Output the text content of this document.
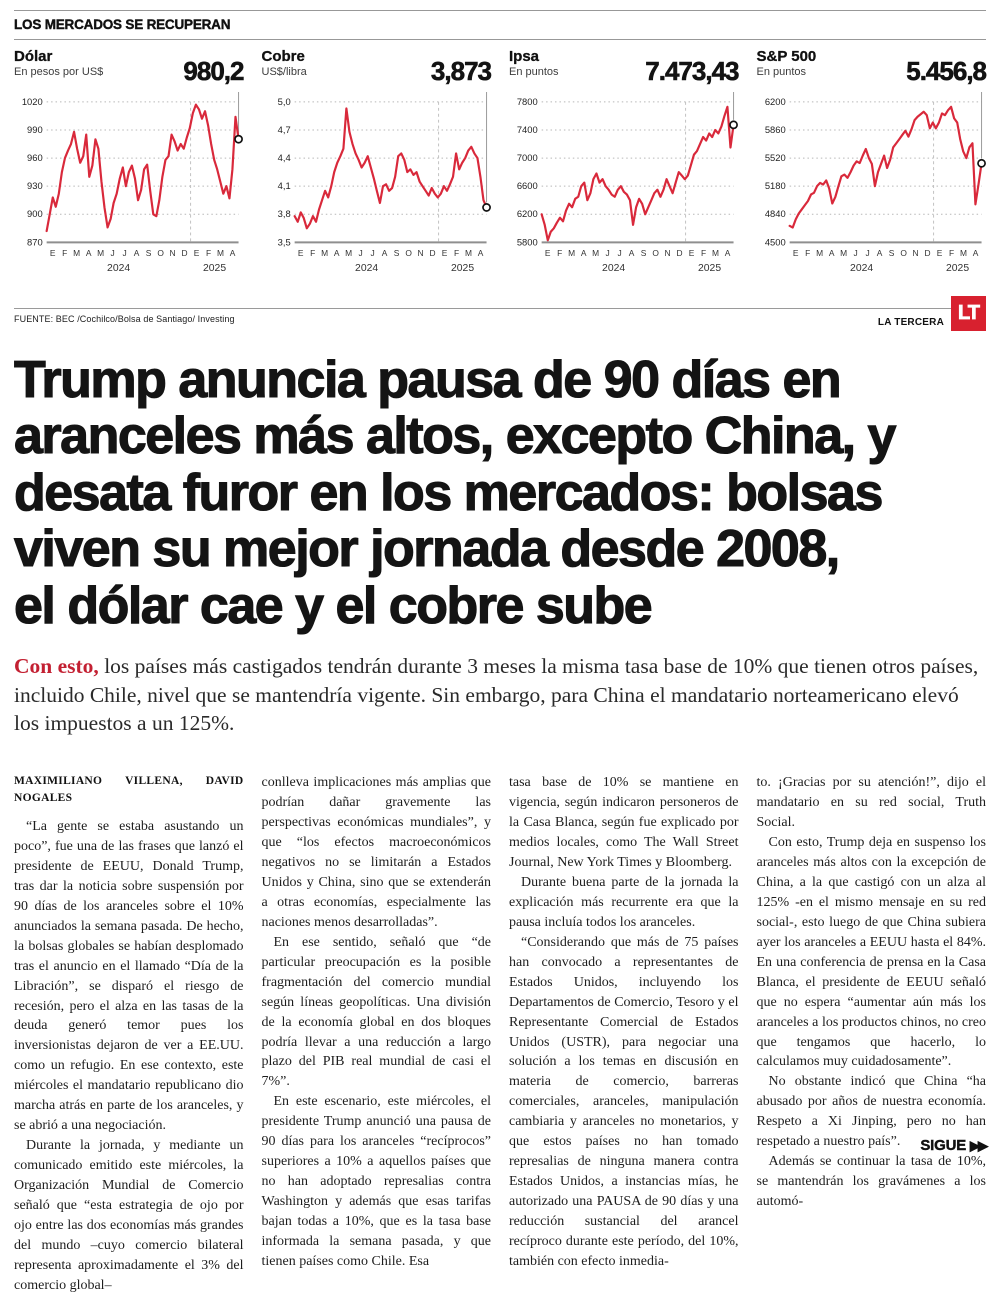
LOS MERCADOS SE RECUPERAN
Dólar
En pesos por US$	980,2
1020
990
960
930
900
870
E F M A M J J A S O N D E F M A
2024	2025
Cobre
US$/libra	3,873
5,0
4,7
4,4
4,1
3,8
3,5
E F M A M J J A S O N D E F M A
2024	2025
Ipsa
En puntos	7.473,43
7800
7400
7000
6600
6200
5800
E F M A M J J A S O N D E F M A
2024	2025
S&P 500
En puntos	5.456,8
6200
5860
5520
5180
4840
4500
E F M A M J J A S O N D E F M A
2024	2025
FUENTE: BEC /Cochilco/Bolsa de Santiago/ Investing	LA TERCERA LT
Trump anuncia pausa de 90 días en
aranceles más altos, excepto China, y
desata furor en los mercados: bolsas
viven su mejor jornada desde 2008,
el dólar cae y el cobre sube

Con esto, los países más castigados tendrán durante 3 meses la misma tasa base de 10% que tienen otros países, incluido Chile, nivel que se mantendría vigente. Sin embargo, para China el mandatario norteamericano elevó los impuestos a un 125%.

MAXIMILIANO VILLENA, DAVID NOGALES

“La gente se estaba asustando un poco”, fue una de las frases que lanzó el presidente de EEUU, Donald Trump, tras dar la noticia sobre suspensión por 90 días de los aranceles sobre el 10% anunciados la semana pasada. De hecho, la bolsas globales se habían desplomado tras el anuncio en el llamado “Día de la Libración”, se disparó el riesgo de recesión, pero el alza en las tasas de la deuda generó temor pues los inversionistas dejaron de ver a EE.UU. como un refugio. En ese contexto, este miércoles el mandatario republicano dio marcha atrás en parte de los aranceles, y se abrió a una negociación.

Durante la jornada, y mediante un comunicado emitido este miércoles, la Organización Mundial de Comercio señaló que “esta estrategia de ojo por ojo entre las dos economías más grandes del mundo –cuyo comercio bilateral representa aproximadamente el 3% del comercio global–

conlleva implicaciones más amplias que podrían dañar gravemente las perspectivas económicas mundiales”, y que “los efectos macroeconómicos negativos no se limitarán a Estados Unidos y China, sino que se extenderán a otras economías, especialmente las naciones menos desarrolladas”.

En ese sentido, señaló que “de particular preocupación es la posible fragmentación del comercio mundial según líneas geopolíticas. Una división de la economía global en dos bloques podría llevar a una reducción a largo plazo del PIB real mundial de casi el 7%”.

En este escenario, este miércoles, el presidente Trump anunció una pausa de 90 días para los aranceles “recíprocos” superiores a 10% a aquellos países que no han adoptado represalias contra Washington y además que esas tarifas bajan todas a 10%, que es la tasa base informada la semana pasada, y que tienen países como Chile. Esa

tasa base de 10% se mantiene en vigencia, según indicaron personeros de la Casa Blanca, según fue explicado por medios locales, como The Wall Street Journal, New York Times y Bloomberg.

Durante buena parte de la jornada la explicación más recurrente era que la pausa incluía todos los aranceles.

“Considerando que más de 75 países han convocado a representantes de Estados Unidos, incluyendo los Departamentos de Comercio, Tesoro y el Representante Comercial de Estados Unidos (USTR), para negociar una solución a los temas en discusión en materia de comercio, barreras comerciales, aranceles, manipulación cambiaria y aranceles no monetarios, y que estos países no han tomado represalias de ninguna manera contra Estados Unidos, a instancias mías, he autorizado una PAUSA de 90 días y una reducción sustancial del arancel recíproco durante este período, del 10%, también con efecto inmedia-

to. ¡Gracias por su atención!”, dijo el mandatario en su red social, Truth Social.

Con esto, Trump deja en suspenso los aranceles más altos con la excepción de China, a la que castigó con un alza al 125% -en el mismo mensaje en su red social-, esto luego de que China subiera ayer los aranceles a EEUU hasta el 84%. En una conferencia de prensa en la Casa Blanca, el presidente de EEUU señaló que no espera “aumentar aún más los aranceles a los productos chinos, no creo que tengamos que hacerlo, lo calculamos muy cuidadosamente”.

No obstante indicó que China “ha abusado por años de nuestra economía. Respeto a Xi Jinping, pero no han respetado a nuestro país”.

Además se continuar la tasa de 10%, se mantendrán los gravámenes a los automó-

SIGUE ▶▶
